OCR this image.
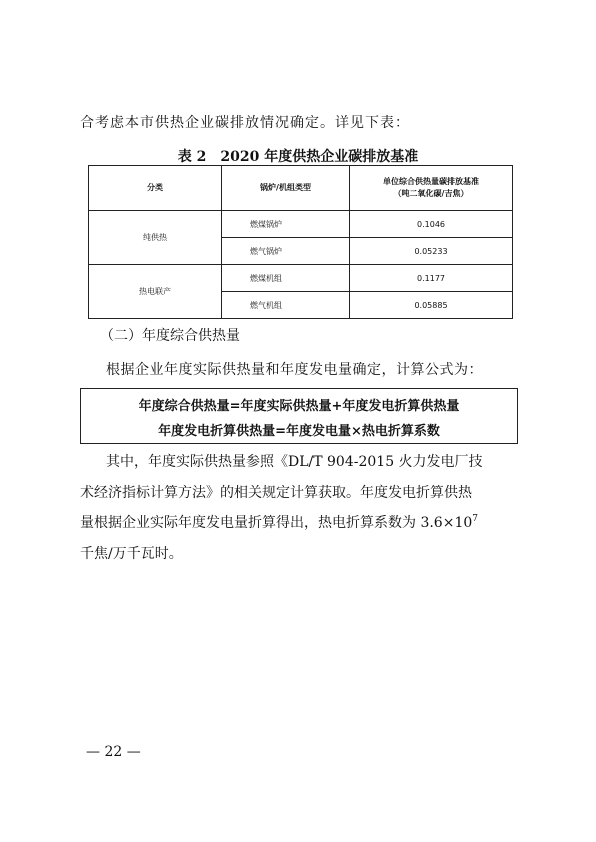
合考虑本市供热企业碳排放情况确定。详见下表：
表 2　2020 年度供热企业碳排放基准
分类	锅炉/机组类型	单位综合供热量碳排放基准
（吨二氧化碳/吉焦）
纯供热	燃煤锅炉	0.1046
	燃气锅炉	0.05233
热电联产	燃煤机组	0.1177
	燃气机组	0.05885
（二）年度综合供热量
根据企业年度实际供热量和年度发电量确定，计算公式为：
年度综合供热量=年度实际供热量+年度发电折算供热量
年度发电折算供热量=年度发电量×热电折算系数
其中，年度实际供热量参照《DL/T 904-2015 火力发电厂技
术经济指标计算方法》的相关规定计算获取。年度发电折算供热
量根据企业实际年度发电量折算得出，热电折算系数为 $3.6\times 10^7$
千焦/万千瓦时。
— 22 —
